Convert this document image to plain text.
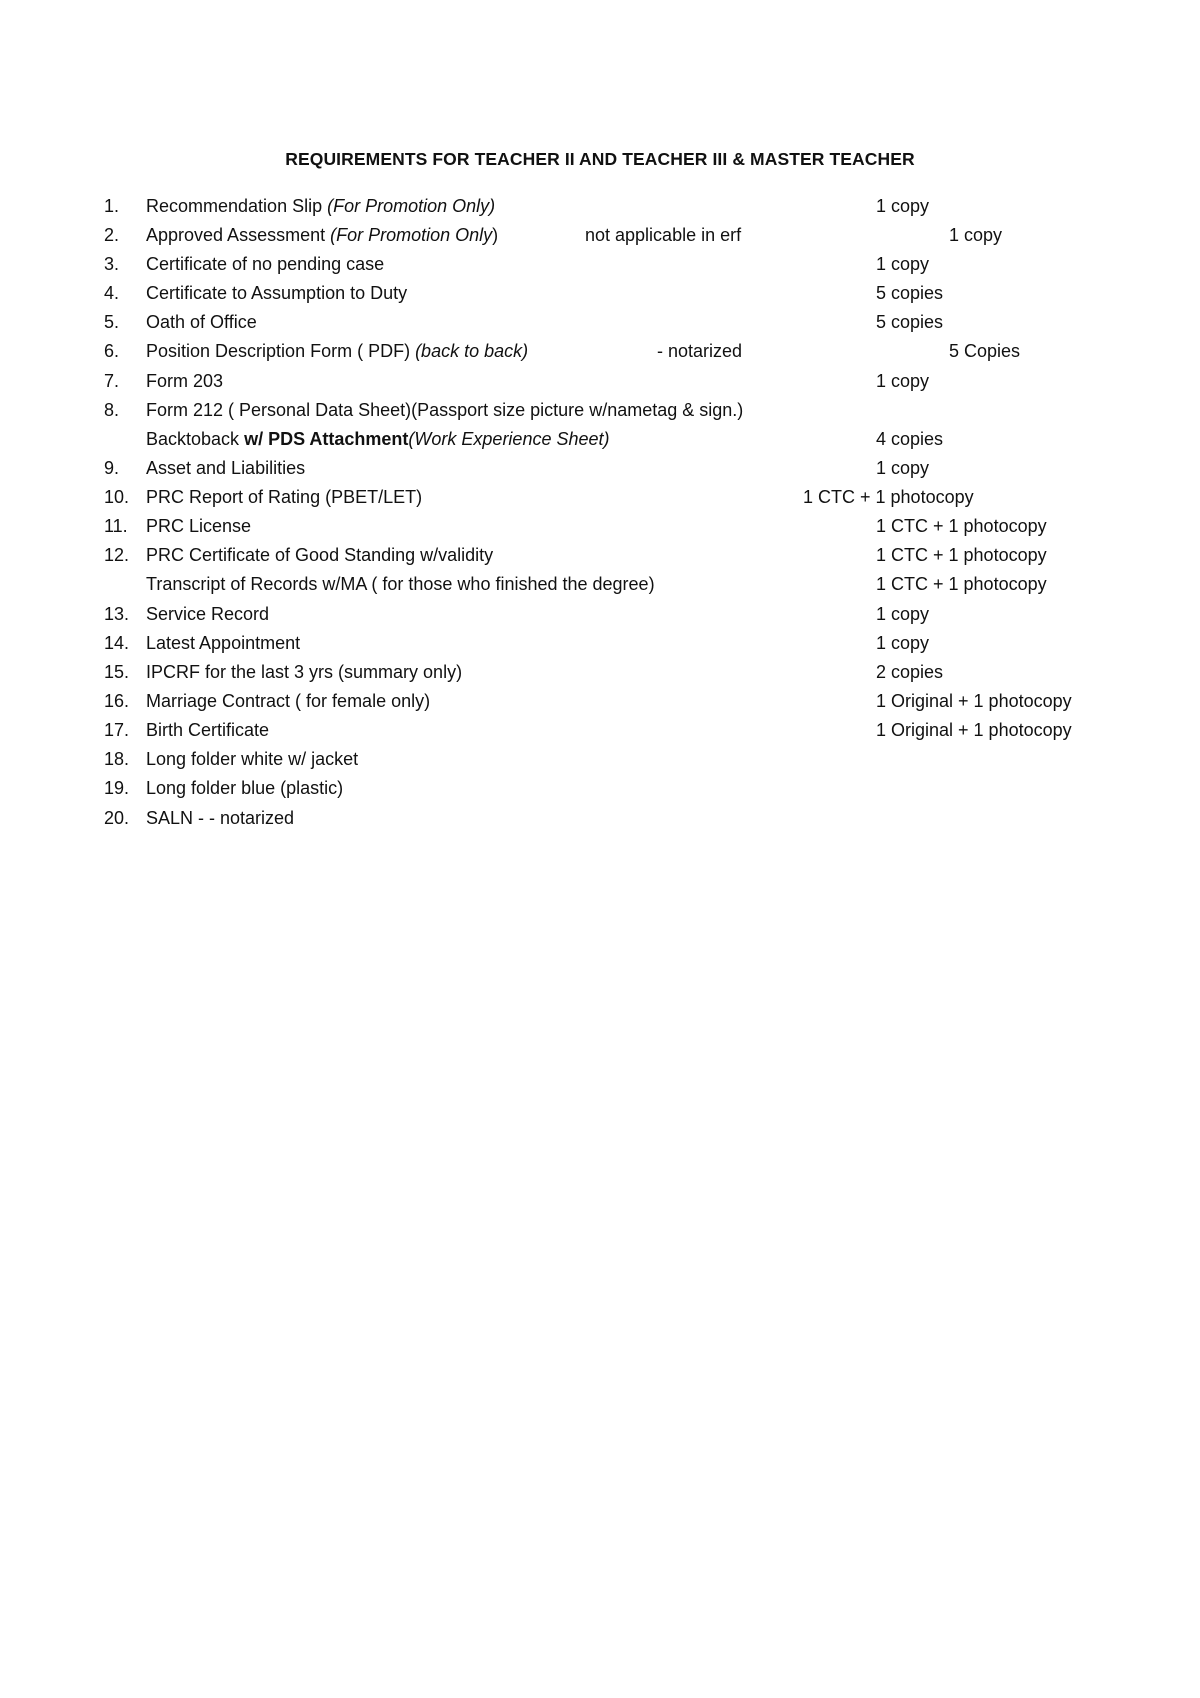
REQUIREMENTS FOR TEACHER II AND TEACHER III & MASTER TEACHER
1.	Recommendation Slip (For Promotion Only)	1 copy
2.	Approved Assessment (For Promotion Only)	not applicable in erf	1 copy
3.	Certificate of no pending case	1 copy
4.	Certificate to Assumption to Duty	5 copies
5.	Oath of Office	5 copies
6.	Position Description Form ( PDF) (back to back)	- notarized	5 Copies
7.	Form 203	1 copy
8.	Form 212 ( Personal Data Sheet)(Passport size picture w/nametag & sign.)
Backtoback w/ PDS Attachment(Work Experience Sheet)	4 copies
9.	Asset and Liabilities	1 copy
10. PRC Report of Rating (PBET/LET)	1 CTC + 1 photocopy
11.	PRC License	1 CTC + 1 photocopy
12. PRC Certificate of Good Standing w/validity	1 CTC + 1 photocopy
Transcript of Records w/MA ( for those who finished the degree)	1 CTC + 1 photocopy
13. Service Record	1 copy
14. Latest Appointment	1 copy
15. IPCRF for the last 3 yrs (summary only)	2 copies
16. Marriage Contract ( for female only)	1 Original + 1 photocopy
17. Birth Certificate	1 Original + 1 photocopy
18. Long folder white w/ jacket
19. Long folder blue (plastic)
20. SALN - - notarized
